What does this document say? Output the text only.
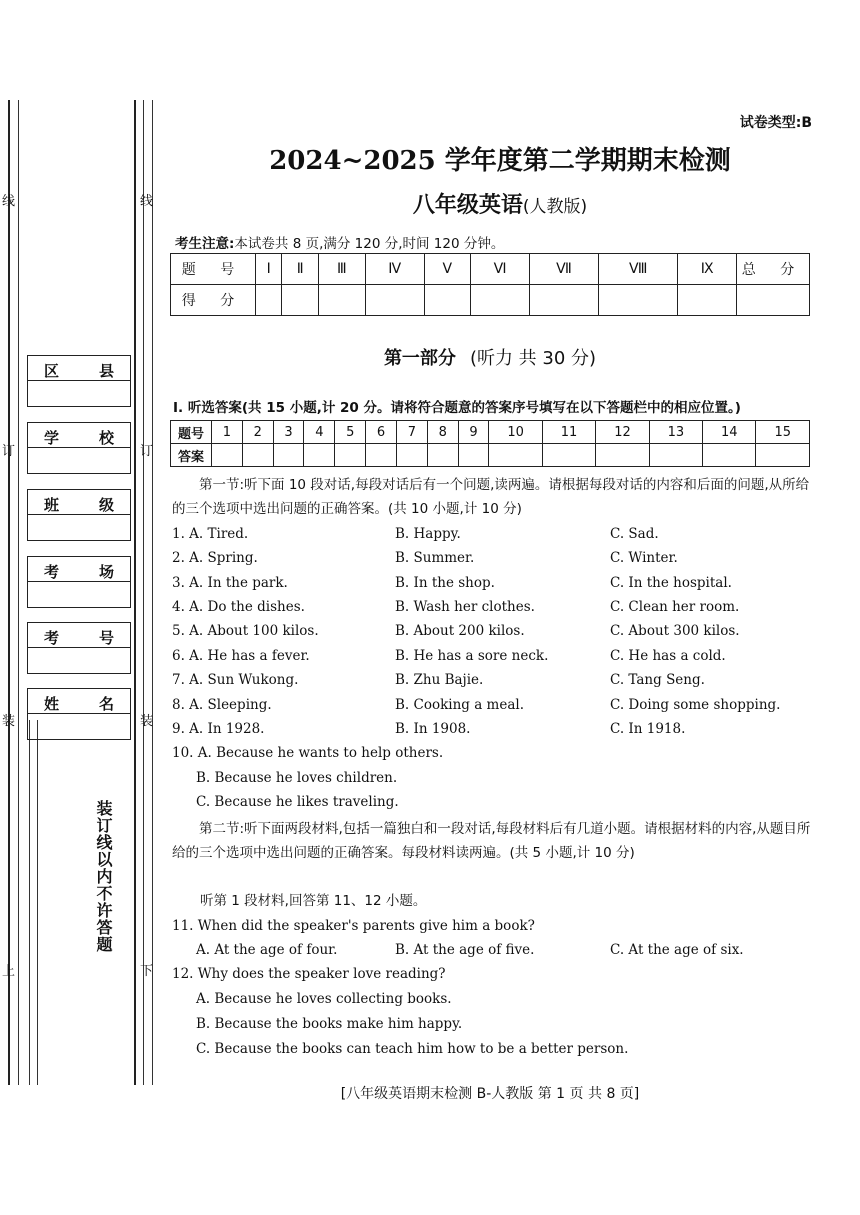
线
订
装
上
线
订
装
下
区	县
学	校
班	级
考	场
考	号
姓	名
装订线以内不许答题
试卷类型:B
2024~2025 学年度第二学期期末检测
八年级英语(人教版)
考生注意:本试卷共 8 页,满分 120 分,时间 120 分钟。
题 号	Ⅰ	Ⅱ	Ⅲ	Ⅳ	Ⅴ	Ⅵ	Ⅶ	Ⅷ	Ⅸ	总 分
得 分										
第一部分 (听力 共 30 分)
Ⅰ. 听选答案(共 15 小题,计 20 分。请将符合题意的答案序号填写在以下答题栏中的相应位置。)
题号	1	2	3	4	5	6	7	8	9	10	11	12	13	14	15
答案															
第一节:听下面 10 段对话,每段对话后有一个问题,读两遍。请根据每段对话的内容和后面的问题,从所给的三个选项中选出问题的正确答案。(共 10 小题,计 10 分)
1. A. Tired.	B. Happy.	C. Sad.
2. A. Spring.	B. Summer.	C. Winter.
3. A. In the park.	B. In the shop.	C. In the hospital.
4. A. Do the dishes.	B. Wash her clothes.	C. Clean her room.
5. A. About 100 kilos.	B. About 200 kilos.	C. About 300 kilos.
6. A. He has a fever.	B. He has a sore neck.	C. He has a cold.
7. A. Sun Wukong.	B. Zhu Bajie.	C. Tang Seng.
8. A. Sleeping.	B. Cooking a meal.	C. Doing some shopping.
9. A. In 1928.	B. In 1908.	C. In 1918.
10. A. Because he wants to help others.
B. Because he loves children.
C. Because he likes traveling.
第二节:听下面两段材料,包括一篇独白和一段对话,每段材料后有几道小题。请根据材料的内容,从题目所给的三个选项中选出问题的正确答案。每段材料读两遍。(共 5 小题,计 10 分)
听第 1 段材料,回答第 11、12 小题。
11. When did the speaker's parents give him a book?
A. At the age of four.	B. At the age of five.	C. At the age of six.
12. Why does the speaker love reading?
A. Because he loves collecting books.
B. Because the books make him happy.
C. Because the books can teach him how to be a better person.
[八年级英语期末检测 B-人教版 第 1 页 共 8 页]
